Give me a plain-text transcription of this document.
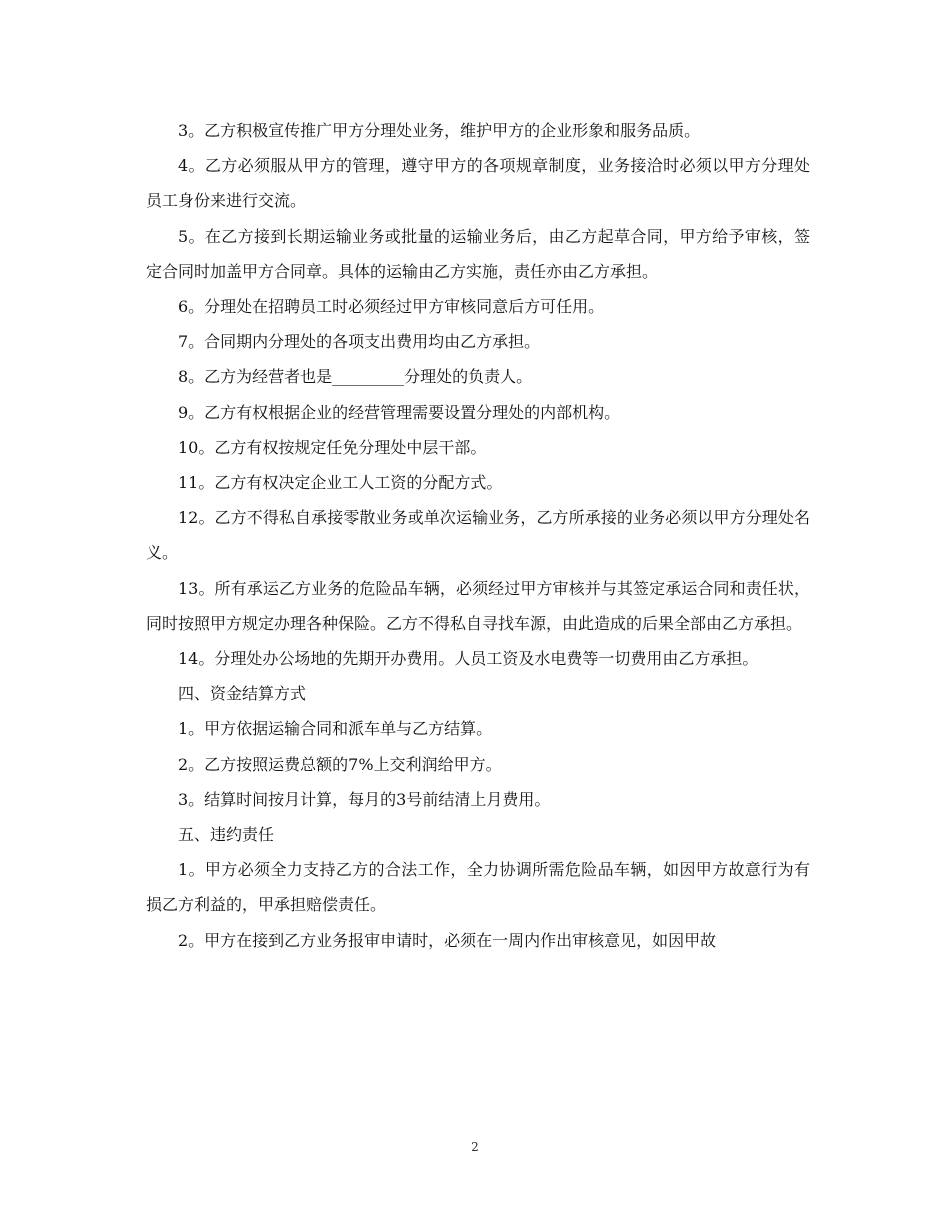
3。乙方积极宣传推广甲方分理处业务，维护甲方的企业形象和服务品质。

4。乙方必须服从甲方的管理，遵守甲方的各项规章制度，业务接洽时必须以甲方分理处员工身份来进行交流。

5。在乙方接到长期运输业务或批量的运输业务后，由乙方起草合同，甲方给予审核，签定合同时加盖甲方合同章。具体的运输由乙方实施，责任亦由乙方承担。

6。分理处在招聘员工时必须经过甲方审核同意后方可任用。

7。合同期内分理处的各项支出费用均由乙方承担。

8。乙方为经营者也是_________分理处的负责人。

9。乙方有权根据企业的经营管理需要设置分理处的内部机构。

10。乙方有权按规定任免分理处中层干部。

11。乙方有权决定企业工人工资的分配方式。

12。乙方不得私自承接零散业务或单次运输业务，乙方所承接的业务必须以甲方分理处名义。

13。所有承运乙方业务的危险品车辆，必须经过甲方审核并与其签定承运合同和责任状，同时按照甲方规定办理各种保险。乙方不得私自寻找车源，由此造成的后果全部由乙方承担。

14。分理处办公场地的先期开办费用。人员工资及水电费等一切费用由乙方承担。

四、资金结算方式

1。甲方依据运输合同和派车单与乙方结算。

2。乙方按照运费总额的7%上交利润给甲方。

3。结算时间按月计算，每月的3号前结清上月费用。

五、违约责任

1。甲方必须全力支持乙方的合法工作，全力协调所需危险品车辆，如因甲方故意行为有损乙方利益的，甲承担赔偿责任。

2。甲方在接到乙方业务报审申请时，必须在一周内作出审核意见，如因甲故

2
